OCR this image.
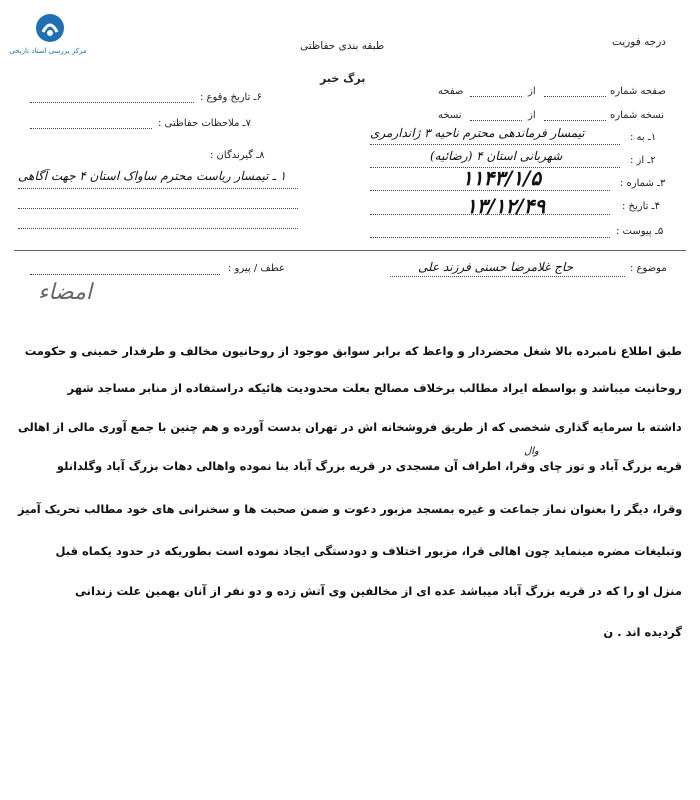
مرکز بررسی اسناد تاریخی	طبقه بندی حفاظتی	درجه فوریت
برگ خبر
صفحه شماره
از
صفحه
نسخه شماره
از
نسخه
۱ـ به :
تیمسار فرماندهی محترم ناحیه ۳ ژاندارمری
۲ـ از :
شهربانی استان ۴ (رضائیه)
۳ـ شماره :
۱۱۴۳/۱/۵
۴ـ تاریخ :
۱۳/۱۲/۴۹
۵ـ پیوست :
۶ـ تاریخ وقوع :
۷ـ ملاحظات حفاظتی :
۸ـ گیرندگان :
۱ ـ تیمسار ریاست محترم ساواک استان ۴ جهت آگاهی
موضوع :
حاج غلامرضا حسنی فرزند علی
عطف / پیرو :
امضاء
طبق اطلاع نامبرده بالا شغل محضردار و واعظ که برابر سوابق موجود از روحانیون مخالف و طرفدار خمینی و حکومت
روحانیت میباشد و بواسطه ایراد مطالب برخلاف مصالح بعلت محدودیت هائیکه دراستفاده از منابر مساجد شهر
داشته با سرمایه گذاری شخصی که از طریق فروشخانه اش در تهران بدست آورده و هم چنین با جمع آوری مالی از اهالی
وال
قریه بزرگ آباد و توز چای وقرا، اطراف آن مسجدی در قریه بزرگ آباد بنا نموده واهالی دهات بزرگ آباد وگلدانلو
وقرا، دیگر را بعنوان نماز جماعت و غیره بمسجد مزبور دعوت و ضمن صحبت ها و سخنرانی های خود مطالب تحریک آمیز
وتبلیغات مضره مینماید چون اهالی قرا، مزبور اختلاف و دودستگی ایجاد نموده است بطوریکه در حدود یکماه قبل
منزل او را که در قریه بزرگ آباد میباشد عده ای از مخالفین وی آتش زده و دو نفر از آنان بهمین علت زندانی
گردیده اند . ن
